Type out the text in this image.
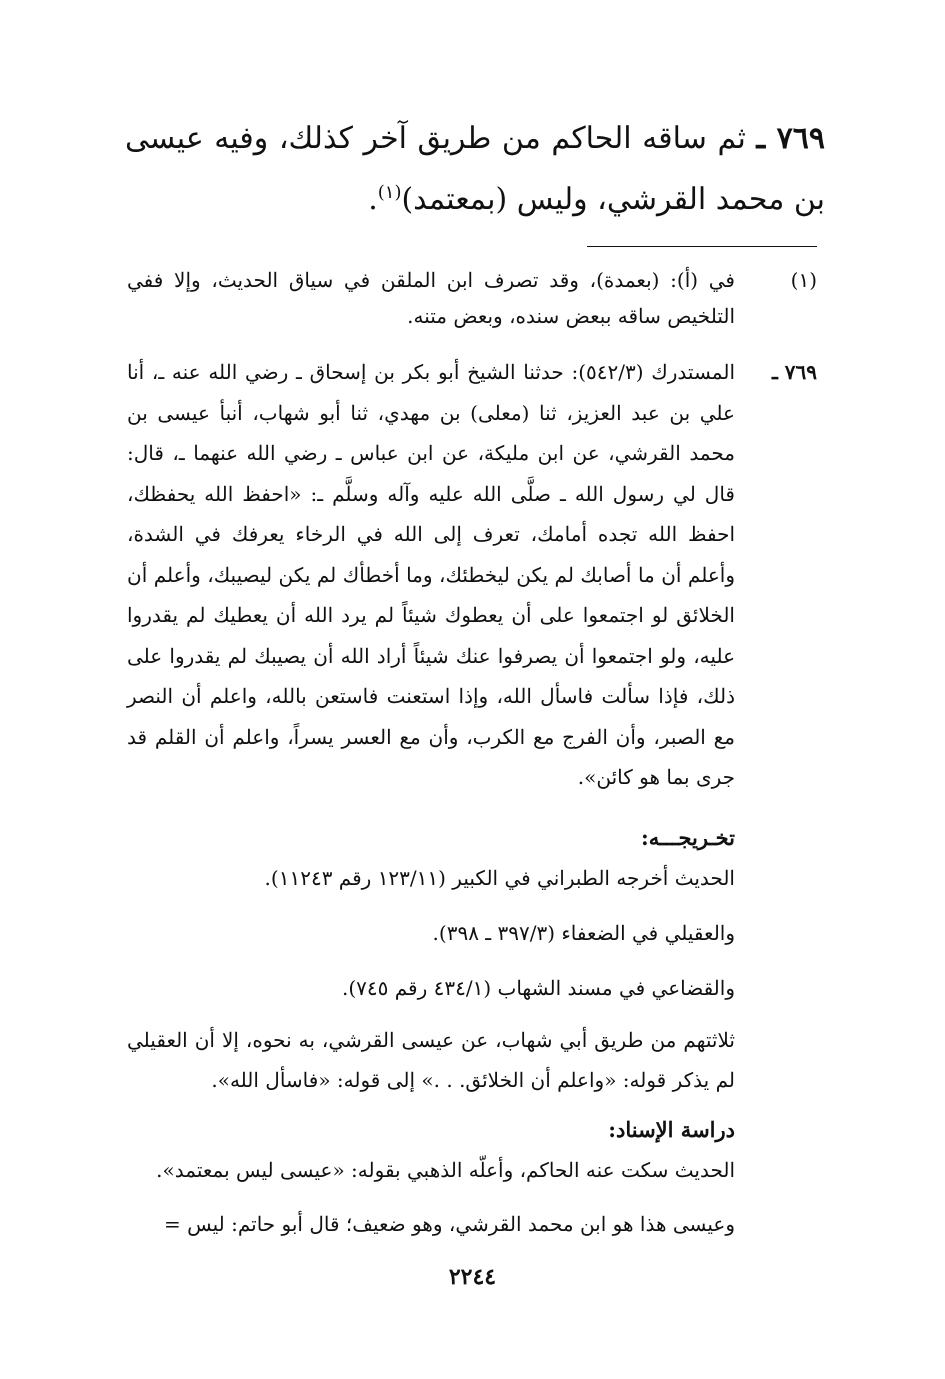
٧٦٩ ـ ثم ساقه الحاكم من طريق آخر كذلك، وفيه عيسى بن محمد القرشي، وليس (بمعتمد)$^{(١)}$.
(١)
في (أ): (بعمدة)، وقد تصرف ابن الملقن في سياق الحديث، وإلا ففي التلخيص ساقه ببعض سنده، وبعض متنه.
٧٦٩ ـ
المستدرك (٥٤٢/٣): حدثنا الشيخ أبو بكر بن إسحاق ـ رضي الله عنه ـ، أنا علي بن عبد العزيز، ثنا (معلى) بن مهدي، ثنا أبو شهاب، أنبأ عيسى بن محمد القرشي، عن ابن مليكة، عن ابن عباس ـ رضي الله عنهما ـ، قال: قال لي رسول الله ـ صلَّى الله عليه وآله وسلَّم ـ: «احفظ الله يحفظك، احفظ الله تجده أمامك، تعرف إلى الله في الرخاء يعرفك في الشدة، وأعلم أن ما أصابك لم يكن ليخطئك، وما أخطأك لم يكن ليصيبك، وأعلم أن الخلائق لو اجتمعوا على أن يعطوك شيئاً لم يرد الله أن يعطيك لم يقدروا عليه، ولو اجتمعوا أن يصرفوا عنك شيئاً أراد الله أن يصيبك لم يقدروا على ذلك، فإذا سألت فاسأل الله، وإذا استعنت فاستعن بالله، واعلم أن النصر مع الصبر، وأن الفرج مع الكرب، وأن مع العسر يسراً، واعلم أن القلم قد جرى بما هو كائن».
تخـريجـــه:
الحديث أخرجه الطبراني في الكبير (١٢٣/١١ رقم ١١٢٤٣).
والعقيلي في الضعفاء (٣٩٧/٣ ـ ٣٩٨).
والقضاعي في مسند الشهاب (٤٣٤/١ رقم ٧٤٥).
ثلاثتهم من طريق أبي شهاب، عن عيسى القرشي، به نحوه، إلا أن العقيلي لم يذكر قوله: «واعلم أن الخلائق. . .» إلى قوله: «فاسأل الله».
دراسة الإسناد:
الحديث سكت عنه الحاكم، وأعلّه الذهبي بقوله: «عيسى ليس بمعتمد».
وعيسى هذا هو ابن محمد القرشي، وهو ضعيف؛ قال أبو حاتم: ليس =
٢٢٤٤
